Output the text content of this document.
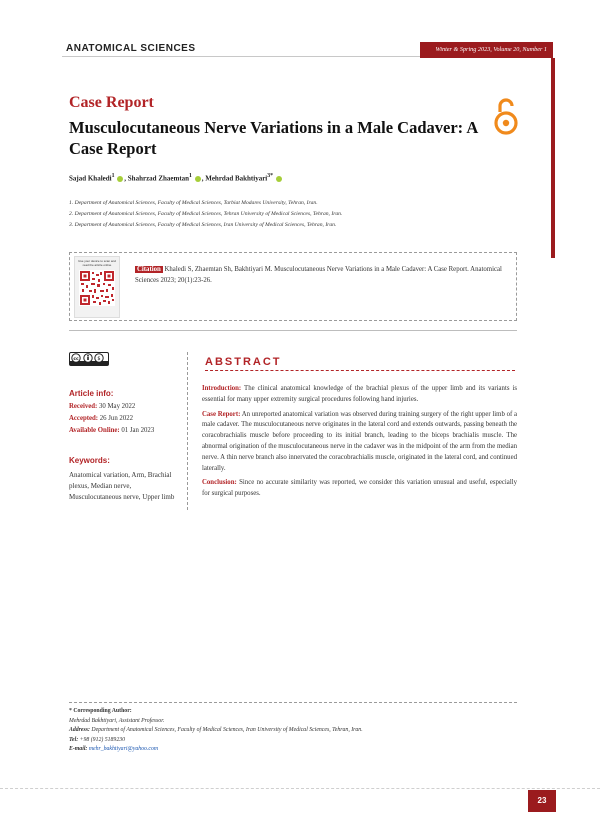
ANATOMICAL SCIENCES	Winter & Spring 2023, Volume 20, Number 1
Case Report
Musculocutaneous Nerve Variations in a Male Cadaver: A Case Report
Sajad Khaledi$^1$ , Shahrzad Zhaemtan$^1$ , Mehrdad Bakhtiyari$^{3*}$
1. Department of Anatomical Sciences, Faculty of Medical Sciences, Tarbiat Modares University, Tehran, Iran.
2. Department of Anatomical Sciences, Faculty of Medical Sciences, Tehran University of Medical Sciences, Tehran, Iran.
3. Department of Anatomical Sciences, Faculty of Medical Sciences, Iran University of Medical Sciences, Tehran, Iran.
Use your device to scan and read the article online
Citation Khaledi S, Zhaemtan Sh, Bakhtiyari M. Musculocutaneous Nerve Variations in a Male Cadaver: A Case Report. Anatomical Sciences 2023; 20(1):23-26.
$
cc
Article info:
Received: 30 May 2022
Accepted: 26 Jun 2022
Available Online: 01 Jan 2023
Keywords:
Anatomical variation, Arm, Brachial plexus, Median nerve, Musculocutaneous nerve, Upper limb
ABSTRACT

Introduction: The clinical anatomical knowledge of the brachial plexus of the upper limb and its variants is essential for many upper extremity surgical procedures following hand injuries.

Case Report: An unreported anatomical variation was observed during training surgery of the right upper limb of a male cadaver. The musculocutaneous nerve originates in the lateral cord and extends outwards, passing beneath the coracobrachialis muscle before proceeding to its initial branch, leading to the biceps brachialis muscle. The abnormal origination of the musculocutaneous nerve in the cadaver was in the midpoint of the arm from the median nerve. A thin nerve branch also innervated the coracobrachialis muscle, originated in the lateral cord, and continued laterally.

Conclusion: Since no accurate similarity was reported, we consider this variation unusual and useful, especially for surgical purposes.

* Corresponding Author:
Mehrdad Bakhtiyari, Assistant Professor.
Address: Department of Anatomical Sciences, Faculty of Medical Sciences, Iran University of Medical Sciences, Tehran, Iran.
Tel: +98 (912) 5189230
E-mail: mehr_bakhtiyari@yahoo.com
23
